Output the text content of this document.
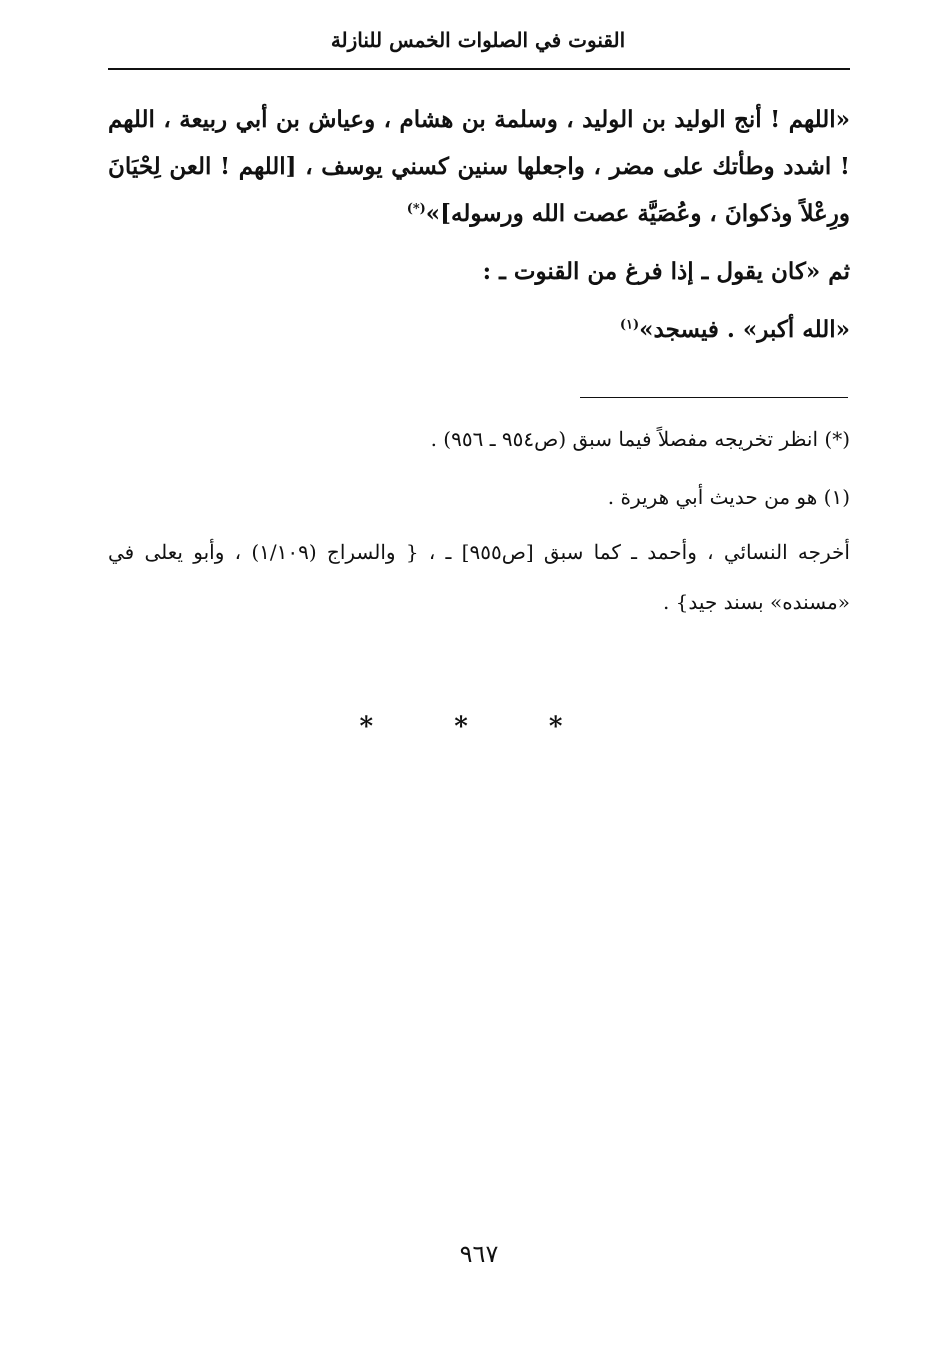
القنوت في الصلوات الخمس للنازلة
«اللهم ! أنج الوليد بن الوليد ، وسلمة بن هشام ، وعياش بن أبي ربيعة ، اللهم ! اشدد وطأتك على مضر ، واجعلها سنين كسني يوسف ، [اللهم ! العن لِحْيَانَ ورِعْلاً وذكوانَ ، وعُصَيَّة عصت الله ورسوله]»(*)
ثم «كان يقول ـ إذا فرغ من القنوت ـ :
«الله أكبر» . فيسجد»$^{(١)}$
(*) انظر تخريجه مفصلاً فيما سبق (ص٩٥٤ ـ ٩٥٦) .
(١) هو من حديث أبي هريرة .
أخرجه النسائي ، وأحمد ـ كما سبق [ص٩٥٥] ـ ، { والسراج (١/١٠٩) ، وأبو يعلى في «مسنده» بسند جيد} .
* * *
٩٦٧
